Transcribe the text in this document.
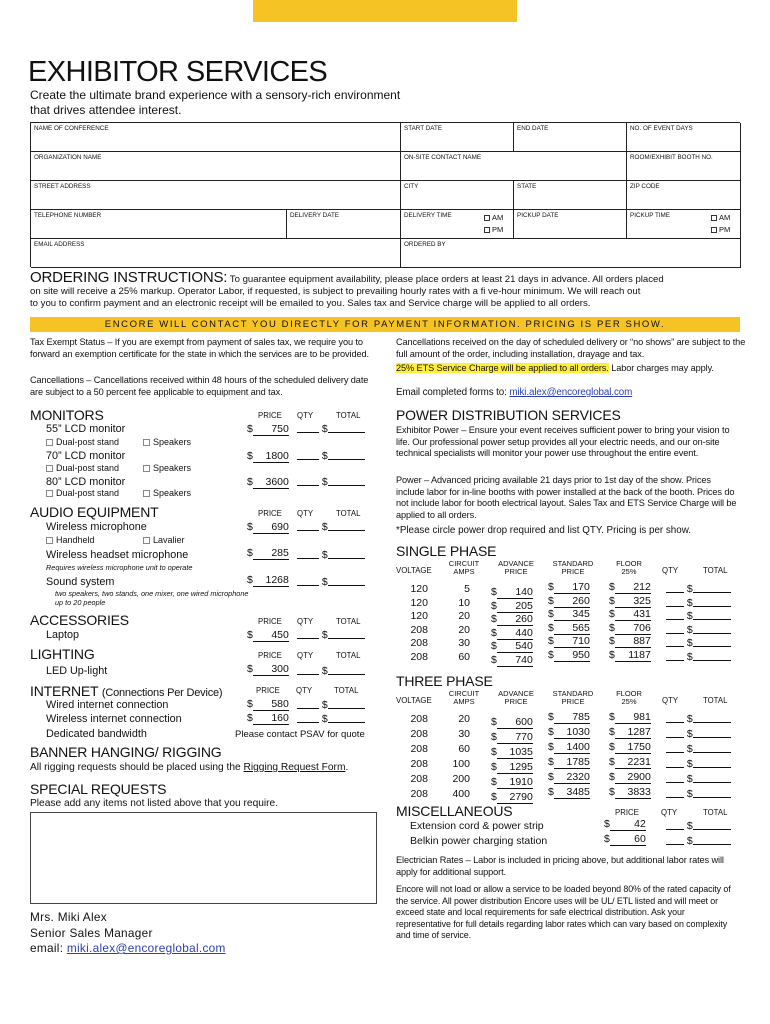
EXHIBITOR SERVICES
Create the ultimate brand experience with a sensory-rich environment
that drives attendee interest.
NAME OF CONFERENCE	START DATE	END DATE	NO. OF EVENT DAYS
ORGANIZATION NAME	ON-SITE CONTACT NAME	ROOM/EXHIBIT BOOTH NO.
STREET ADDRESS	CITY	STATE	ZIP CODE
TELEPHONE NUMBER	DELIVERY DATE	DELIVERY TIME	AM
PM
PICKUP DATE	PICKUP TIME	AM
PM
EMAIL ADDRESS	ORDERED BY
ORDERING INSTRUCTIONS: To guarantee equipment availability, please place orders at least 21 days in advance. All orders placed
on site will receive a 25% markup. Operator Labor, if requested, is subject to prevailing hourly rates with a fi ve-hour minimum. We will reach out
to you to confirm payment and an electronic receipt will be emailed to you. Sales tax and Service charge will be applied to all orders.
ENCORE WILL CONTACT YOU DIRECTLY FOR PAYMENT INFORMATION. PRICING IS PER SHOW.
Tax Exempt Status – If you are exempt from payment of sales tax, we require you to forward an exemption certificate for the state in which the services are to be provided.
Cancellations – Cancellations received within 48 hours of the scheduled delivery date are subject to a 50 percent fee applicable to equipment and tax.
Cancellations received on the day of scheduled delivery or “no shows” are subject to the full amount of the order, including installation, drayage and tax.
25% ETS Service Charge will be applied to all orders. Labor charges may apply.
Email completed forms to: miki.alex@encoreglobal.com
MONITORS	PRICE QTY	TOTAL
55” LCD monitor	$ 750	$
Dual-post stand	Speakers
70” LCD monitor	$ 1800	$
Dual-post stand	Speakers
80” LCD monitor	$ 3600	$
Dual-post stand	Speakers
AUDIO EQUIPMENT	PRICE QTY	TOTAL
Wireless microphone	$ 690	$
Handheld	Lavalier
Wireless headset microphone	$ 285	$
Requires wireless microphone unit to operate
Sound system	$ 1268	$
two speakers, two stands, one mixer, one wired microphone
up to 20 people
ACCESSORIES	PRICE QTY	TOTAL
Laptop	$ 450	$
LIGHTING	PRICE QTY	TOTAL
LED Up-light	$ 300	$
INTERNET (Connections Per Device)	PRICE QTY	TOTAL
Wired internet connection	$ 580	$
Wireless internet connection	$ 160	$
Dedicated bandwidth	Please contact PSAV for quote
BANNER HANGING/ RIGGING
All rigging requests should be placed using the Rigging Request Form.
SPECIAL REQUESTS
Please add any items not listed above that you require.
Mrs. Miki Alex
Senior Sales Manager
email: miki.alex@encoreglobal.com
POWER DISTRIBUTION SERVICES
Exhibitor Power – Ensure your event receives sufficient power to bring your vision to life. Our professional power setup provides all your electric needs, and our on-site technical specialists will monitor your power use throughout the entire event.
Power – Advanced pricing available 21 days prior to 1st day of the show. Prices include labor for in-line booths with power installed at the back of the booth. Prices do not include labor for booth electrical layout. Sales Tax and ETS Service Charge will be applied to all orders.
*Please circle power drop required and list QTY. Pricing is per show.
SINGLE PHASE
VOLTAGE
CIRCUIT
AMPS
ADVANCE
PRICE
STANDARD
PRICE
FLOOR
25%	QTY	TOTAL
120	5 $ 140 $ 170 $ 212	$
120	10 $ 205 $ 260 $ 325	$
120	20 $ 260 $ 345 $ 431	$
208	20 $ 440 $ 565 $ 706	$
208	30 $ 540 $ 710 $ 887	$
208	60 $ 740 $ 950 $ 1187	$
THREE PHASE
VOLTAGE
CIRCUIT
AMPS
ADVANCE
PRICE
STANDARD
PRICE
FLOOR
25%	QTY	TOTAL
208	20 $ 600 $ 785 $ 981	$
208	30 $ 770 $ 1030 $ 1287	$
208	60 $ 1035 $ 1400 $ 1750	$
208	100 $ 1295 $ 1785 $ 2231	$
208	200 $ 1910 $ 2320 $ 2900	$
208	400 $ 2790 $ 3485 $ 3833	$
MISCELLANEOUS	PRICE	QTY	TOTAL
Extension cord & power strip	$ 42	$
Belkin power charging station	$ 60	$
Electrician Rates – Labor is included in pricing above, but additional labor rates will apply for additional support.
Encore will not load or allow a service to be loaded beyond 80% of the rated capacity of the service. All power distribution Encore uses will be UL/ ETL listed and will meet or exceed state and local requirements for safe electrical distribution. Ask your representative for full details regarding labor rates which can vary based on complexity and time of service.
